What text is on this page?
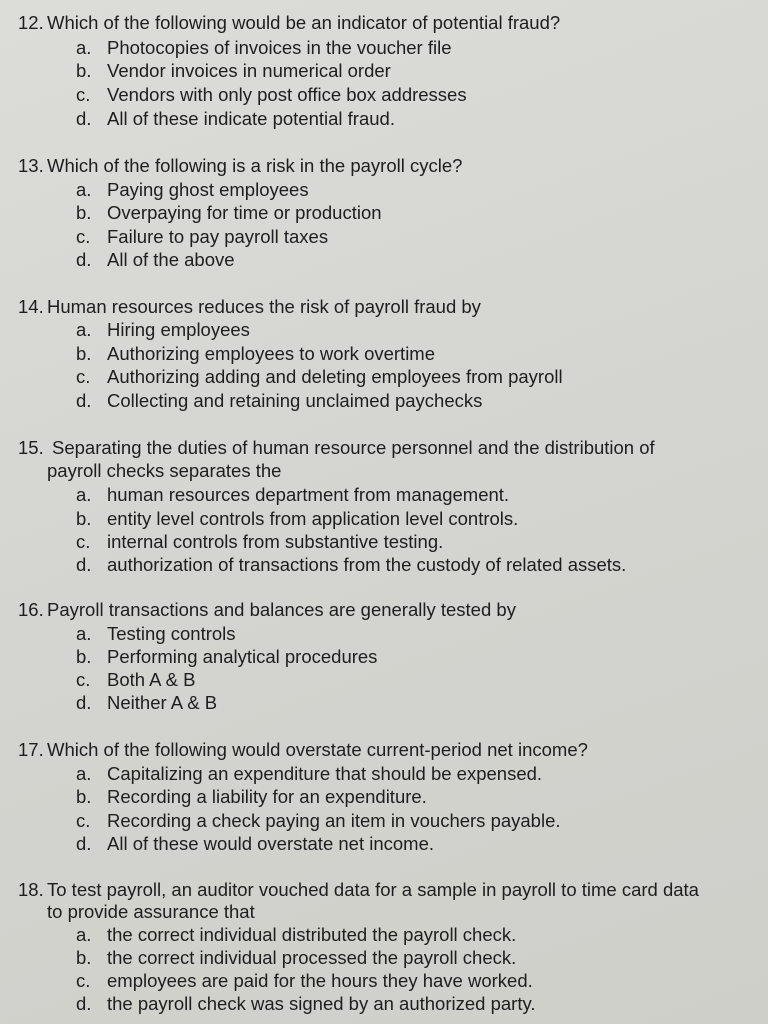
12. Which of the following would be an indicator of potential fraud?
a. Photocopies of invoices in the voucher file
b. Vendor invoices in numerical order
c. Vendors with only post office box addresses
d. All of these indicate potential fraud.
13. Which of the following is a risk in the payroll cycle?
a. Paying ghost employees
b. Overpaying for time or production
c. Failure to pay payroll taxes
d. All of the above
14. Human resources reduces the risk of payroll fraud by
a. Hiring employees
b. Authorizing employees to work overtime
c. Authorizing adding and deleting employees from payroll
d. Collecting and retaining unclaimed paychecks
15. Separating the duties of human resource personnel and the distribution of
payroll checks separates the
a. human resources department from management.
b. entity level controls from application level controls.
c. internal controls from substantive testing.
d. authorization of transactions from the custody of related assets.
16. Payroll transactions and balances are generally tested by
a. Testing controls
b. Performing analytical procedures
c. Both A & B
d. Neither A & B
17. Which of the following would overstate current-period net income?
a. Capitalizing an expenditure that should be expensed.
b. Recording a liability for an expenditure.
c. Recording a check paying an item in vouchers payable.
d. All of these would overstate net income.
18. To test payroll, an auditor vouched data for a sample in payroll to time card data
to provide assurance that
a. the correct individual distributed the payroll check.
b. the correct individual processed the payroll check.
c. employees are paid for the hours they have worked.
d. the payroll check was signed by an authorized party.
